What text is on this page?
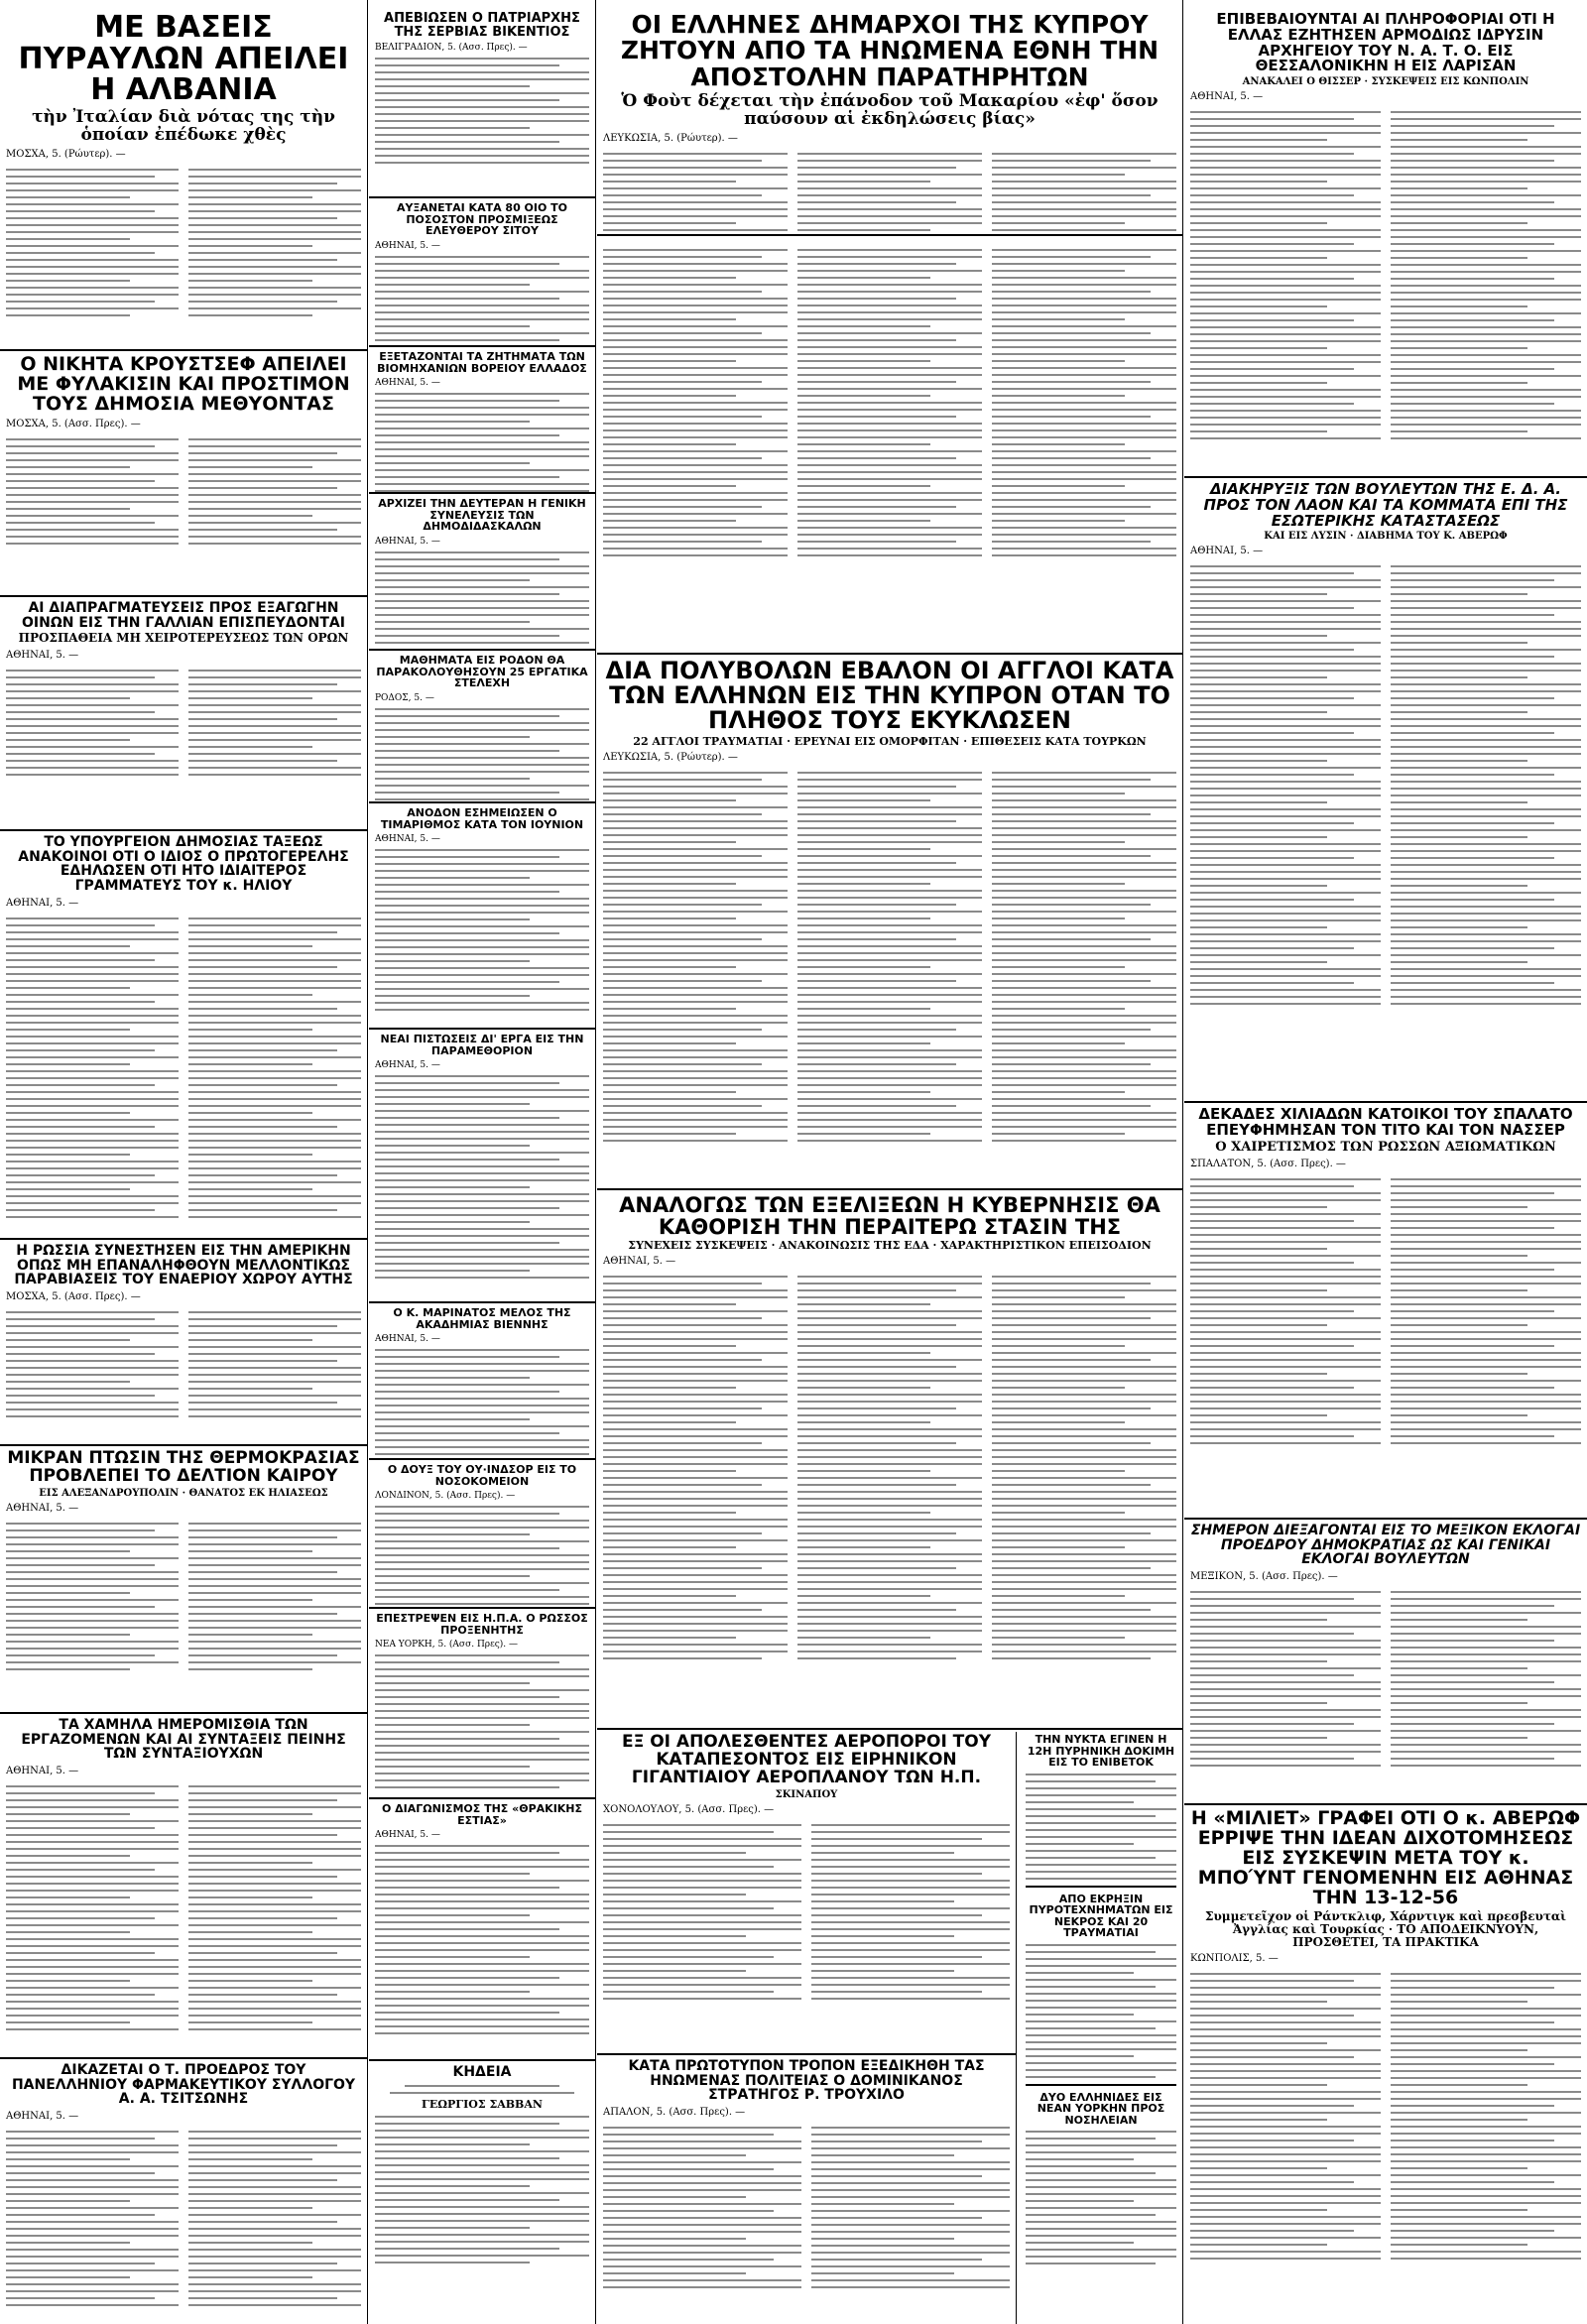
ΜΕ ΒΑΣΕΙΣ ΠΥΡΑΥΛΩΝ ΑΠΕΙΛΕΙ Η ΑΛΒΑΝΙΑ
τὴν Ἰταλίαν διὰ νότας της τὴν ὁποίαν ἐπέδωκε χθὲς
ΜΟΣΧΑ, 5. (Ρώυτερ). —
Ο ΝΙΚΗΤΑ ΚΡΟΥΣΤΣΕΦ ΑΠΕΙΛΕΙ ΜΕ ΦΥΛΑΚΙΣΙΝ ΚΑΙ ΠΡΟΣΤΙΜΟΝ ΤΟΥΣ ΔΗΜΟΣΙΑ ΜΕΘΥΟΝΤΑΣ
ΜΟΣΧΑ, 5. (Ασσ. Πρες). —
ΑΙ ΔΙΑΠΡΑΓΜΑΤΕΥΣΕΙΣ ΠΡΟΣ ΕΞΑΓΩΓΗΝ ΟΙΝΩΝ ΕΙΣ ΤΗΝ ΓΑΛΛΙΑΝ ΕΠΙΣΠΕΥΔΟΝΤΑΙ
ΠΡΟΣΠΑΘΕΙΑ ΜΗ ΧΕΙΡΟΤΕΡΕΥΣΕΩΣ ΤΩΝ ΟΡΩΝ
ΑΘΗΝΑΙ, 5. —
ΤΟ ΥΠΟΥΡΓΕΙΟΝ ΔΗΜΟΣΙΑΣ ΤΑΞΕΩΣ ΑΝΑΚΟΙΝΟΙ ΟΤΙ Ο ΙΔΙΟΣ Ο ΠΡΩΤΟΓΕΡΕΛΗΣ ΕΔΗΛΩΣΕΝ ΟΤΙ ΗΤΟ ΙΔΙΑΙΤΕΡΟΣ ΓΡΑΜΜΑΤΕΥΣ ΤΟΥ κ. ΗΛΙΟΥ
ΑΘΗΝΑΙ, 5. —
Η ΡΩΣΣΙΑ ΣΥΝΕΣΤΗΣΕΝ ΕΙΣ ΤΗΝ ΑΜΕΡΙΚΗΝ ΟΠΩΣ ΜΗ ΕΠΑΝΑΛΗΦΘΟΥΝ ΜΕΛΛΟΝΤΙΚΩΣ ΠΑΡΑΒΙΑΣΕΙΣ ΤΟΥ ΕΝΑΕΡΙΟΥ ΧΩΡΟΥ ΑΥΤΗΣ
ΜΟΣΧΑ, 5. (Ασσ. Πρες). —
ΜΙΚΡΑΝ ΠΤΩΣΙΝ ΤΗΣ ΘΕΡΜΟΚΡΑΣΙΑΣ ΠΡΟΒΛΕΠΕΙ ΤΟ ΔΕΛΤΙΟΝ ΚΑΙΡΟΥ
ΕΙΣ ΑΛΕΞΑΝΔΡΟΥΠΟΛΙΝ · ΘΑΝΑΤΟΣ ΕΚ ΗΛΙΑΣΕΩΣ
ΑΘΗΝΑΙ, 5. —
ΤΑ ΧΑΜΗΛΑ ΗΜΕΡΟΜΙΣΘΙΑ ΤΩΝ ΕΡΓΑΖΟΜΕΝΩΝ ΚΑΙ ΑΙ ΣΥΝΤΑΞΕΙΣ ΠΕΙΝΗΣ ΤΩΝ ΣΥΝΤΑΞΙΟΥΧΩΝ
ΑΘΗΝΑΙ, 5. —
ΔΙΚΑΖΕΤΑΙ Ο Τ. ΠΡΟΕΔΡΟΣ ΤΟΥ ΠΑΝΕΛΛΗΝΙΟΥ ΦΑΡΜΑΚΕΥΤΙΚΟΥ ΣΥΛΛΟΓΟΥ Α. Α. ΤΣΙΤΣΩΝΗΣ
ΑΘΗΝΑΙ, 5. —
ΑΠΕΒΙΩΣΕΝ Ο ΠΑΤΡΙΑΡΧΗΣ ΤΗΣ ΣΕΡΒΙΑΣ ΒΙΚΕΝΤΙΟΣ
ΒΕΛΙΓΡΑΔΙΟΝ, 5. (Ασσ. Πρες). —
ΑΥΞΑΝΕΤΑΙ ΚΑΤΑ 80 ΟΙΟ ΤΟ ΠΟΣΟΣΤΟΝ ΠΡΟΣΜΙΞΕΩΣ ΕΛΕΥΘΕΡΟΥ ΣΙΤΟΥ
ΑΘΗΝΑΙ, 5. —
ΕΞΕΤΑΖΟΝΤΑΙ ΤΑ ΖΗΤΗΜΑΤΑ ΤΩΝ ΒΙΟΜΗΧΑΝΙΩΝ ΒΟΡΕΙΟΥ ΕΛΛΑΔΟΣ
ΑΘΗΝΑΙ, 5. —
ΑΡΧΙΖΕΙ ΤΗΝ ΔΕΥΤΕΡΑΝ Η ΓΕΝΙΚΗ ΣΥΝΕΛΕΥΣΙΣ ΤΩΝ ΔΗΜΟΔΙΔΑΣΚΑΛΩΝ
ΑΘΗΝΑΙ, 5. —
ΜΑΘΗΜΑΤΑ ΕΙΣ ΡΟΔΟΝ ΘΑ ΠΑΡΑΚΟΛΟΥΘΗΣΟΥΝ 25 ΕΡΓΑΤΙΚΑ ΣΤΕΛΕΧΗ
ΡΟΔΟΣ, 5. —
ΑΝΟΔΟΝ ΕΣΗΜΕΙΩΣΕΝ Ο ΤΙΜΑΡΙΘΜΟΣ ΚΑΤΑ ΤΟΝ ΙΟΥΝΙΟΝ
ΑΘΗΝΑΙ, 5. —
ΝΕΑΙ ΠΙΣΤΩΣΕΙΣ ΔΙ' ΕΡΓΑ ΕΙΣ ΤΗΝ ΠΑΡΑΜΕΘΟΡΙΟΝ
ΑΘΗΝΑΙ, 5. —
Ο Κ. ΜΑΡΙΝΑΤΟΣ ΜΕΛΟΣ ΤΗΣ ΑΚΑΔΗΜΙΑΣ ΒΙΕΝΝΗΣ
ΑΘΗΝΑΙ, 5. —
Ο ΔΟΥΞ ΤΟΥ ΟΥ·ΙΝΔΣΟΡ ΕΙΣ ΤΟ ΝΟΣΟΚΟΜΕΙΟΝ
ΛΟΝΔΙΝΟΝ, 5. (Ασσ. Πρες). —
ΕΠΕΣΤΡΕΨΕΝ ΕΙΣ Η.Π.Α. Ο ΡΩΣΣΟΣ ΠΡΟΞΕΝΗΤΗΣ
ΝΕΑ ΥΟΡΚΗ, 5. (Ασσ. Πρες). —
Ο ΔΙΑΓΩΝΙΣΜΟΣ ΤΗΣ «ΘΡΑΚΙΚΗΣ ΕΣΤΙΑΣ»
ΑΘΗΝΑΙ, 5. —
ΚΗΔΕΙΑ
ΓΕΩΡΓΙΟΣ ΣΑΒΒΑΝ
ΟΙ ΕΛΛΗΝΕΣ ΔΗΜΑΡΧΟΙ ΤΗΣ ΚΥΠΡΟΥ ΖΗΤΟΥΝ ΑΠΟ ΤΑ ΗΝΩΜΕΝΑ ΕΘΝΗ ΤΗΝ ΑΠΟΣΤΟΛΗΝ ΠΑΡΑΤΗΡΗΤΩΝ
Ὁ Φοὺτ δέχεται τὴν ἐπάνοδον τοῦ Μακαρίου «ἐφ' ὅσον παύσουν αἱ ἐκδηλώσεις βίας»
ΛΕΥΚΩΣΙΑ, 5. (Ρώυτερ). —
ΔΙΑ ΠΟΛΥΒΟΛΩΝ ΕΒΑΛΟΝ ΟΙ ΑΓΓΛΟΙ ΚΑΤΑ ΤΩΝ ΕΛΛΗΝΩΝ ΕΙΣ ΤΗΝ ΚΥΠΡΟΝ ΟΤΑΝ ΤΟ ΠΛΗΘΟΣ ΤΟΥΣ ΕΚΥΚΛΩΣΕΝ
22 ΑΓΓΛΟΙ ΤΡΑΥΜΑΤΙΑΙ · ΕΡΕΥΝΑΙ ΕΙΣ ΟΜΟΡΦΙΤΑΝ · ΕΠΙΘΕΣΕΙΣ ΚΑΤΑ ΤΟΥΡΚΩΝ
ΛΕΥΚΩΣΙΑ, 5. (Ρώυτερ). —
ΑΝΑΛΟΓΩΣ ΤΩΝ ΕΞΕΛΙΞΕΩΝ Η ΚΥΒΕΡΝΗΣΙΣ ΘΑ ΚΑΘΟΡΙΣΗ ΤΗΝ ΠΕΡΑΙΤΕΡΩ ΣΤΑΣΙΝ ΤΗΣ
ΣΥΝΕΧΕΙΣ ΣΥΣΚΕΨΕΙΣ · ΑΝΑΚΟΙΝΩΣΙΣ ΤΗΣ ΕΔΑ · ΧΑΡΑΚΤΗΡΙΣΤΙΚΟΝ ΕΠΕΙΣΟΔΙΟΝ
ΑΘΗΝΑΙ, 5. —
ΕΞ ΟΙ ΑΠΟΛΕΣΘΕΝΤΕΣ ΑΕΡΟΠΟΡΟΙ ΤΟΥ ΚΑΤΑΠΕΣΟΝΤΟΣ ΕΙΣ ΕΙΡΗΝΙΚΟΝ ΓΙΓΑΝΤΙΑΙΟΥ ΑΕΡΟΠΛΑΝΟΥ ΤΩΝ Η.Π.
ΣΚΙΝΑΠΟΥ
ΧΟΝΟΛΟΥΛΟΥ, 5. (Ασσ. Πρες). —
ΤΗΝ ΝΥΚΤΑ ΕΓΙΝΕΝ Η 12Η ΠΥΡΗΝΙΚΗ ΔΟΚΙΜΗ ΕΙΣ ΤΟ ΕΝΙΒΕΤΟΚ
ΑΠΟ ΕΚΡΗΞΙΝ ΠΥΡΟΤΕΧΝΗΜΑΤΩΝ ΕΙΣ ΝΕΚΡΟΣ ΚΑΙ 20 ΤΡΑΥΜΑΤΙΑΙ
ΔΥΟ ΕΛΛΗΝΙΔΕΣ ΕΙΣ ΝΕΑΝ ΥΟΡΚΗΝ ΠΡΟΣ ΝΟΣΗΛΕΙΑΝ
ΚΑΤΑ ΠΡΩΤΟΤΥΠΟΝ ΤΡΟΠΟΝ ΕΞΕΔΙΚΗΘΗ ΤΑΣ ΗΝΩΜΕΝΑΣ ΠΟΛΙΤΕΙΑΣ Ο ΔΟΜΙΝΙΚΑΝΟΣ ΣΤΡΑΤΗΓΟΣ Ρ. ΤΡΟΥΧΙΛΟ
ΑΠΑΛΟΝ, 5. (Ασσ. Πρες). —
ΕΠΙΒΕΒΑΙΟΥΝΤΑΙ ΑΙ ΠΛΗΡΟΦΟΡΙΑΙ ΟΤΙ Η ΕΛΛΑΣ ΕΖΗΤΗΣΕΝ ΑΡΜΟΔΙΩΣ ΙΔΡΥΣΙΝ ΑΡΧΗΓΕΙΟΥ ΤΟΥ Ν. Α. Τ. Ο. ΕΙΣ ΘΕΣΣΑΛΟΝΙΚΗΝ Η ΕΙΣ ΛΑΡΙΣΑΝ
ΑΝΑΚΑΛΕΙ Ο ΘΙΣΣΕΡ · ΣΥΣΚΕΨΕΙΣ ΕΙΣ ΚΩΝΠΟΛΙΝ
ΑΘΗΝΑΙ, 5. —
ΔΙΑΚΗΡΥΞΙΣ ΤΩΝ ΒΟΥΛΕΥΤΩΝ ΤΗΣ Ε. Δ. Α. ΠΡΟΣ ΤΟΝ ΛΑΟΝ ΚΑΙ ΤΑ ΚΟΜΜΑΤΑ ΕΠΙ ΤΗΣ ΕΣΩΤΕΡΙΚΗΣ ΚΑΤΑΣΤΑΣΕΩΣ
ΚΑΙ ΕΙΣ ΛΥΣΙΝ · ΔΙΑΒΗΜΑ ΤΟΥ Κ. ΑΒΕΡΩΦ
ΑΘΗΝΑΙ, 5. —
ΔΕΚΑΔΕΣ ΧΙΛΙΑΔΩΝ ΚΑΤΟΙΚΟΙ ΤΟΥ ΣΠΑΛΑΤΟ ΕΠΕΥΦΗΜΗΣΑΝ ΤΟΝ ΤΙΤΟ ΚΑΙ ΤΟΝ ΝΑΣΣΕΡ
Ο ΧΑΙΡΕΤΙΣΜΟΣ ΤΩΝ ΡΩΣΣΩΝ ΑΞΙΩΜΑΤΙΚΩΝ
ΣΠΑΛΑΤΟΝ, 5. (Ασσ. Πρες). —
ΣΗΜΕΡΟΝ ΔΙΕΞΑΓΟΝΤΑΙ ΕΙΣ ΤΟ ΜΕΞΙΚΟΝ ΕΚΛΟΓΑΙ ΠΡΟΕΔΡΟΥ ΔΗΜΟΚΡΑΤΙΑΣ ΩΣ ΚΑΙ ΓΕΝΙΚΑΙ ΕΚΛΟΓΑΙ ΒΟΥΛΕΥΤΩΝ
ΜΕΞΙΚΟΝ, 5. (Ασσ. Πρες). —
Η «ΜΙΛΙΕΤ» ΓΡΑΦΕΙ ΟΤΙ Ο κ. ΑΒΕΡΩΦ ΕΡΡΙΨΕ ΤΗΝ ΙΔΕΑΝ ΔΙΧΟΤΟΜΗΣΕΩΣ ΕΙΣ ΣΥΣΚΕΨΙΝ ΜΕΤΑ ΤΟΥ κ. ΜΠΟΎΝΤ ΓΕΝΟΜΕΝΗΝ ΕΙΣ ΑΘΗΝΑΣ ΤΗΝ 13-12-56
Συμμετεῖχον οἱ Ράντκλιφ, Χάρντιγκ καὶ πρεσβευταὶ Ἀγγλίας καὶ Τουρκίας · ΤΟ ΑΠΟΔΕΙΚΝΥΟΥΝ, ΠΡΟΣΘΕΤΕΙ, ΤΑ ΠΡΑΚΤΙΚΑ
ΚΩΝΠΟΛΙΣ, 5. —
